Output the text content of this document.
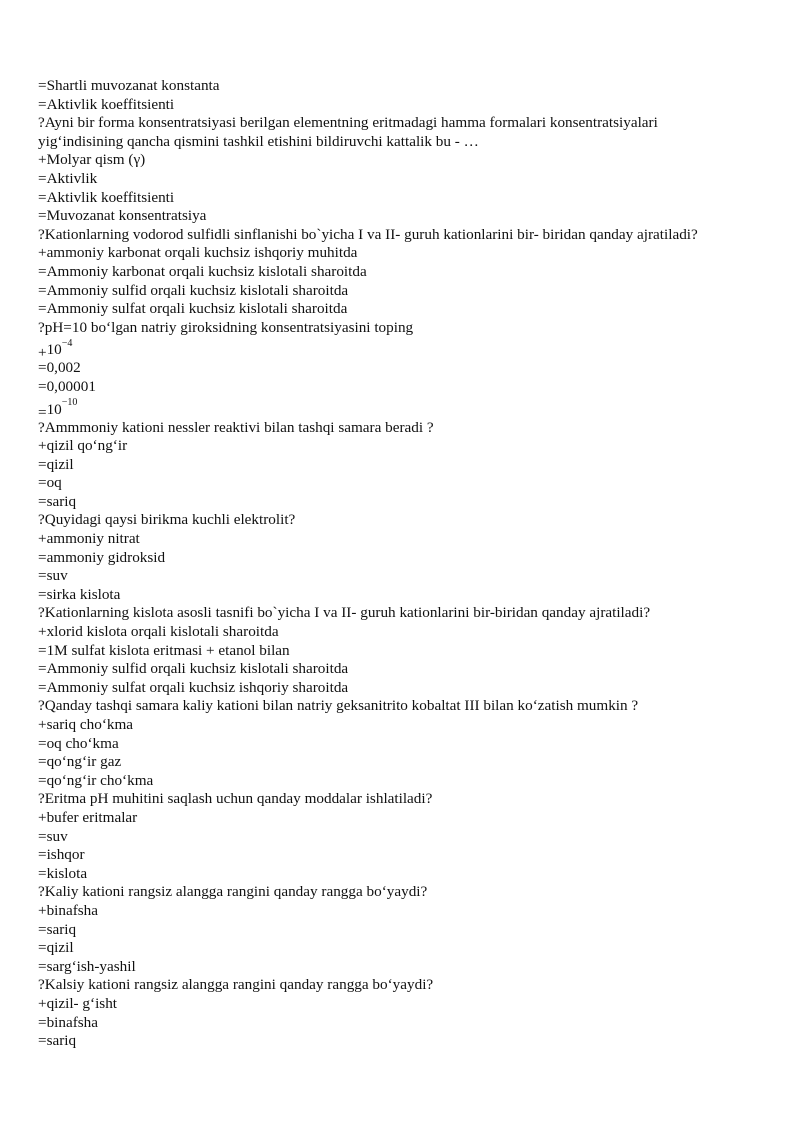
=Shartli muvozanat konstanta
=Aktivlik koeffitsienti
?Ayni bir forma konsentratsiyasi berilgan elementning eritmadagi hamma formalari konsentratsiyalari
yig‘indisining qancha qismini tashkil etishini bildiruvchi kattalik bu - …
+Molyar qism (γ)
=Aktivlik
=Aktivlik koeffitsienti
=Muvozanat konsentratsiya
?Kationlarning vodorod sulfidli sinflanishi bo`yicha I va II- guruh kationlarini bir- biridan qanday ajratiladi?
+ammoniy karbonat orqali kuchsiz ishqoriy muhitda
=Ammoniy karbonat orqali kuchsiz kislotali sharoitda
=Ammoniy sulfid orqali kuchsiz kislotali sharoitda
=Ammoniy sulfat orqali kuchsiz kislotali sharoitda
?pH=10 bo‘lgan natriy giroksidning konsentratsiyasini toping
$+10^{-4}$
=0,002
=0,00001
$=10^{-10}$
?Ammmoniy kationi nessler reaktivi bilan tashqi samara beradi ?
+qizil qo‘ng‘ir
=qizil
=oq
=sariq
?Quyidagi qaysi birikma kuchli elektrolit?
+ammoniy nitrat
=ammoniy gidroksid
=suv
=sirka kislota
?Kationlarning kislota asosli tasnifi bo`yicha I va II- guruh kationlarini bir-biridan qanday ajratiladi?
+xlorid kislota orqali kislotali sharoitda
=1M sulfat kislota eritmasi + etanol bilan
=Ammoniy sulfid orqali kuchsiz kislotali sharoitda
=Ammoniy sulfat orqali kuchsiz ishqoriy sharoitda
?Qanday tashqi samara kaliy kationi bilan natriy geksanitrito kobaltat III bilan ko‘zatish mumkin ?
+sariq cho‘kma
=oq cho‘kma
=qo‘ng‘ir gaz
=qo‘ng‘ir cho‘kma
?Eritma pH muhitini saqlash uchun qanday moddalar ishlatiladi?
+bufer eritmalar
=suv
=ishqor
=kislota
?Kaliy kationi rangsiz alangga rangini qanday rangga bo‘yaydi?
+binafsha
=sariq
=qizil
=sarg‘ish-yashil
?Kalsiy kationi rangsiz alangga rangini qanday rangga bo‘yaydi?
+qizil- g‘isht
=binafsha
=sariq
